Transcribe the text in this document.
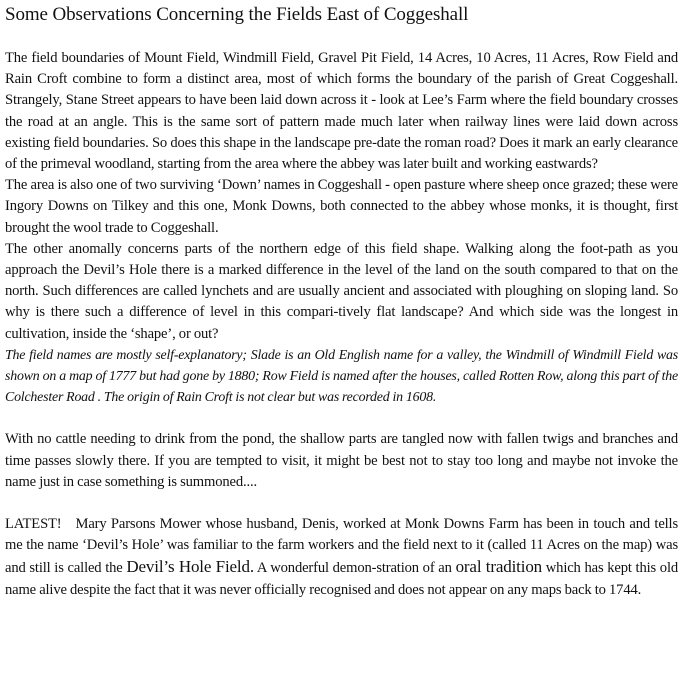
Some Observations Concerning the Fields East of Coggeshall

The field boundaries of Mount Field, Windmill Field, Gravel Pit Field, 14 Acres, 10 Acres, 11 Acres, Row Field and Rain Croft combine to form a distinct area, most of which forms the boundary of the parish of Great Coggeshall. Strangely, Stane Street appears to have been laid down across it - look at Lee’s Farm where the field boundary crosses the road at an angle. This is the same sort of pattern made much later when railway lines were laid down across existing field boundaries. So does this shape in the landscape pre-date the roman road? Does it mark an early clearance of the primeval woodland, starting from the area where the abbey was later built and working eastwards?

The area is also one of two surviving ‘Down’ names in Coggeshall - open pasture where sheep once grazed; these were Ingory Downs on Tilkey and this one, Monk Downs, both connected to the abbey whose monks, it is thought, first brought the wool trade to Coggeshall.

The other anomally concerns parts of the northern edge of this field shape. Walking along the foot-path as you approach the Devil’s Hole there is a marked difference in the level of the land on the south compared to that on the north. Such differences are called lynchets and are usually ancient and associated with ploughing on sloping land. So why is there such a difference of level in this compari-tively flat landscape? And which side was the longest in cultivation, inside the ‘shape’, or out?

The field names are mostly self-explanatory; Slade is an Old English name for a valley, the Windmill of Windmill Field was shown on a map of 1777 but had gone by 1880; Row Field is named after the houses, called Rotten Row, along this part of the Colchester Road . The origin of Rain Croft is not clear but was recorded in 1608.

With no cattle needing to drink from the pond, the shallow parts are tangled now with fallen twigs and branches and time passes slowly there. If you are tempted to visit, it might be best not to stay too long and maybe not invoke the name just in case something is summoned....

LATEST! Mary Parsons Mower whose husband, Denis, worked at Monk Downs Farm has been in touch and tells me the name ‘Devil’s Hole’ was familiar to the farm workers and the field next to it (called 11 Acres on the map) was and still is called the Devil’s Hole Field. A wonderful demon-stration of an oral tradition which has kept this old name alive despite the fact that it was never officially recognised and does not appear on any maps back to 1744.
